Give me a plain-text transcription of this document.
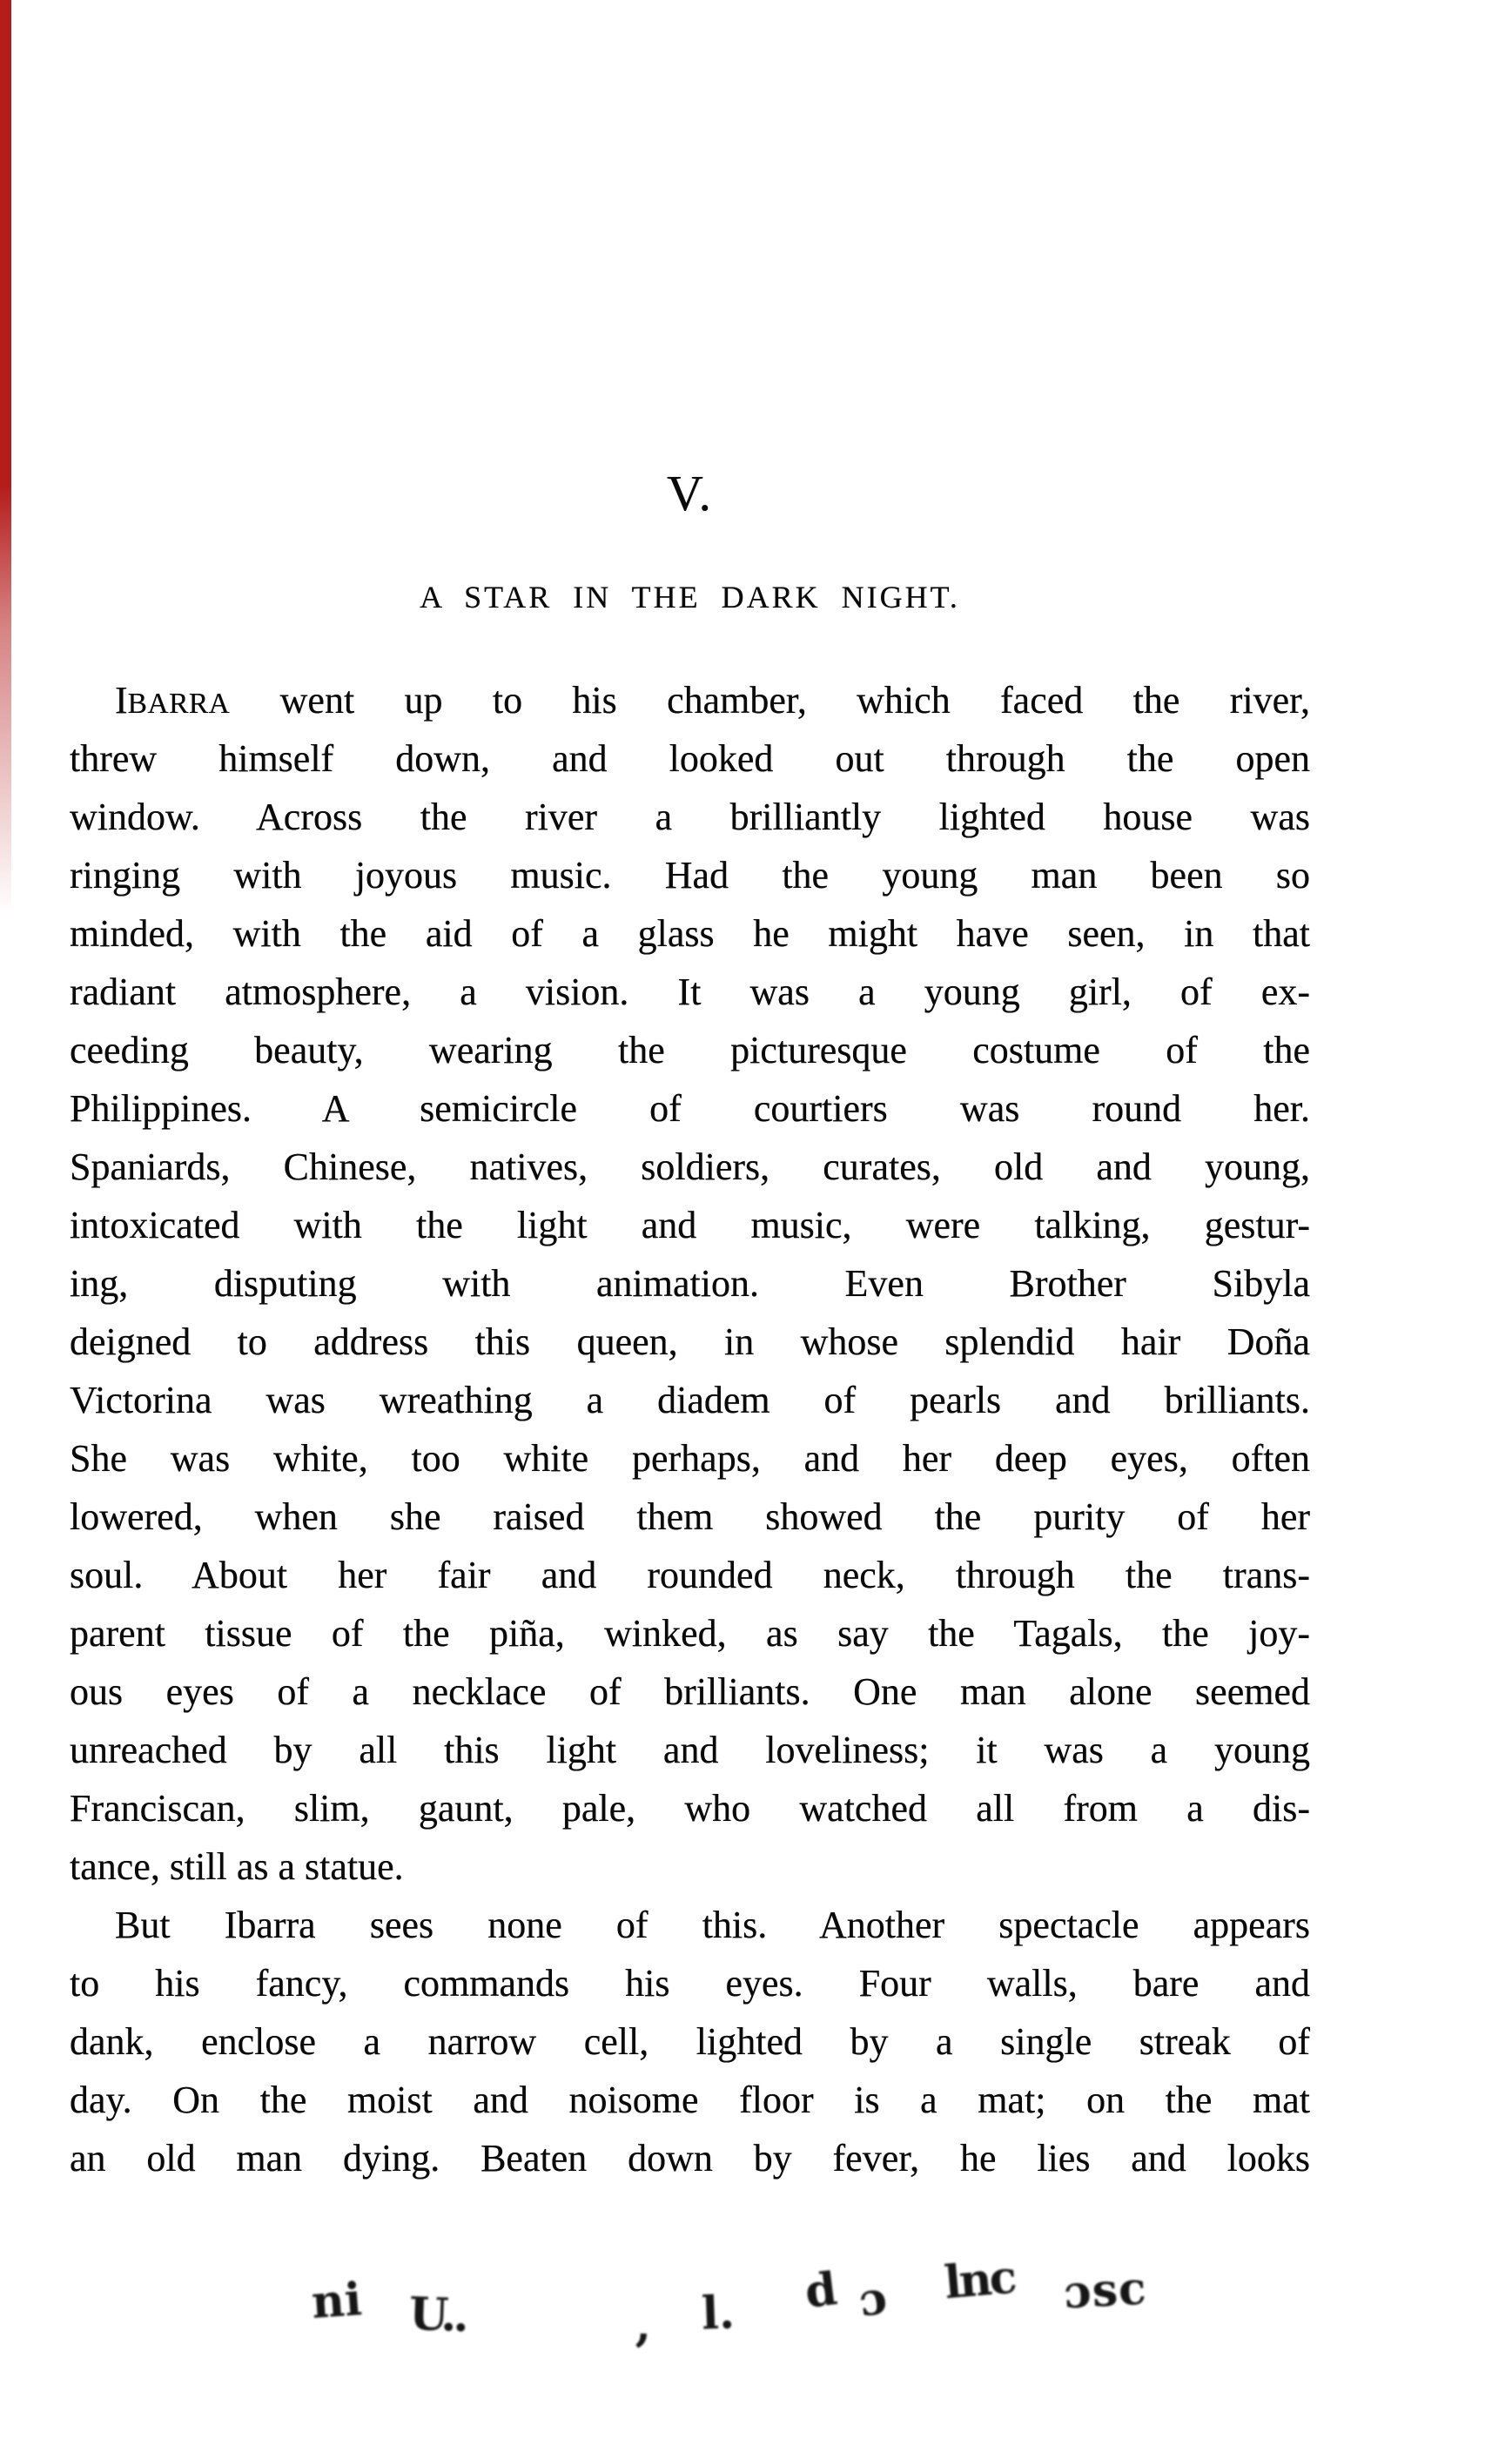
V.
A STAR IN THE DARK NIGHT.
IBARRA went up to his chamber, which faced the river,
threw himself down, and looked out through the open
window. Across the river a brilliantly lighted house was
ringing with joyous music. Had the young man been so
minded, with the aid of a glass he might have seen, in that
radiant atmosphere, a vision. It was a young girl, of ex-
ceeding beauty, wearing the picturesque costume of the
Philippines. A semicircle of courtiers was round her.
Spaniards, Chinese, natives, soldiers, curates, old and young,
intoxicated with the light and music, were talking, gestur-
ing, disputing with animation. Even Brother Sibyla
deigned to address this queen, in whose splendid hair Doña
Victorina was wreathing a diadem of pearls and brilliants.
She was white, too white perhaps, and her deep eyes, often
lowered, when she raised them showed the purity of her
soul. About her fair and rounded neck, through the trans-
parent tissue of the piña, winked, as say the Tagals, the joy-
ous eyes of a necklace of brilliants. One man alone seemed
unreached by all this light and loveliness; it was a young
Franciscan, slim, gaunt, pale, who watched all from a dis-
tance, still as a statue.
But Ibarra sees none of this. Another spectacle appears
to his fancy, commands his eyes. Four walls, bare and
dank, enclose a narrow cell, lighted by a single streak of
day. On the moist and noisome floor is a mat; on the mat
an old man dying. Beaten down by fever, he lies and looks
ni U..	, l. d ɔ lnc ɔsc
